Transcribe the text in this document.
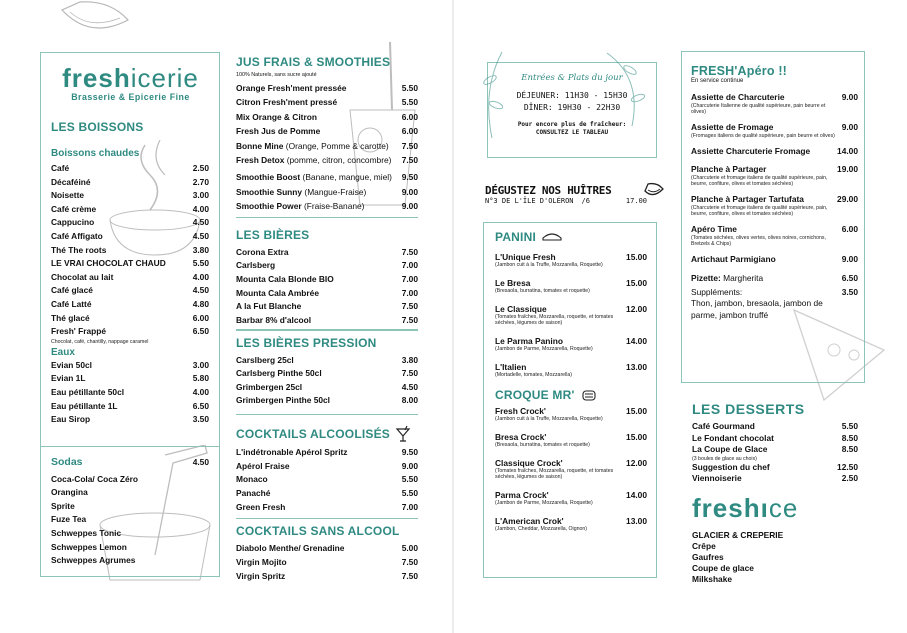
freshicerie
Brasserie & Epicerie Fine
LES BOISSONS
Boissons chaudes
Café	2.50
Décaféiné	2.70
Noisette	3.00
Café crème	4.00
Cappucino	4.50
Café Affigato	4.50
Thé The roots	3.80
LE VRAI CHOCOLAT CHAUD	5.50
Chocolat au lait	4.00
Café glacé	4.50
Café Latté	4.80
Thé glacé	6.00
Fresh' Frappé	6.50
Chocolat, café, chantilly, nappage caramel
Eaux
Evian 50cl	3.00
Evian 1L	5.80
Eau pétillante 50cl	4.00
Eau pétillante 1L	6.50
Eau Sirop	3.50
Sodas	4.50
Coca-Cola/ Coca Zéro
Orangina
Sprite
Fuze Tea
Schweppes Tonic
Schweppes Lemon
Schweppes Agrumes
JUS FRAIS & SMOOTHIES
100% Naturels, sans sucre ajouté
Orange Fresh'ment pressée	5.50
Citron Fresh'ment pressé	5.50
Mix Orange & Citron	6.00
Fresh Jus de Pomme	6.00
Bonne Mine (Orange, Pomme & carotte) 7.50
Fresh Detox (pomme, citron, concombre) 7.50
Smoothie Boost (Banane, mangue, miel) 9.50
Smoothie Sunny (Mangue-Fraise)	9.00
Smoothie Power (Fraise-Banane)	9.00
LES BIÈRES
Corona Extra	7.50
Carlsberg	7.00
Mounta Cala Blonde BIO	7.00
Mounta Cala Ambrée	7.00
A la Fut Blanche	7.50
Barbar 8% d'alcool	7.50
LES BIÈRES PRESSION
Carslberg 25cl	3.80
Carlsberg Pinthe 50cl	7.50
Grimbergen 25cl	4.50
Grimbergen Pinthe 50cl	8.00
COCKTAILS ALCOOLISÉS
L'indétronable Apérol Spritz	9.50
Apérol Fraise	9.00
Monaco	5.50
Panaché	5.50
Green Fresh	7.00
COCKTAILS SANS ALCOOL
Diabolo Menthe/ Grenadine	5.00
Virgin Mojito	7.50
Virgin Spritz	7.50
Entrées & Plats du jour
DÉJEUNER: 11H30 - 15H30
DÎNER: 19H30 - 22H30
Pour encore plus de fraîcheur:
CONSULTEZ LE TABLEAU
DÉGUSTEZ NOS HUÎTRES
N°3 DE L'ÎLE D'OLÉRON /6	17.00
PANINI
L'Unique Fresh	15.00
(Jambon cuit à la Truffe, Mozzarella, Roquette)
Le Bresa	15.00
(Bresaola, burratina, tomates et roquette)
Le Classique	12.00
(Tomates fraîches, Mozzarella, roquette, et tomates séchées, légumes de saison)
Le Parma Panino	14.00
(Jambon de Parme, Mozzarella, Roquette)
L'Italien	13.00
(Mortadelle, tomates, Mozzarella)
CROQUE MR'
Fresh Crock'	15.00
(Jambon cuit à la Truffe, Mozzarella, Roquette)
Bresa Crock'	15.00
(Bresaola, burratina, tomates et roquette)
Classique Crock'	12.00
(Tomates fraîches, Mozzarella, roquette, et tomates séchées, légumes de saison)
Parma Crock'	14.00
(Jambon de Parme, Mozzarella, Roquette)
L'American Crok'	13.00
(Jambon, Cheddar, Mozzarella, Oignon)
FRESH'Apéro !!
En service continue
Assiette de Charcuterie	9.00
(Charcuterie Italienne de qualité supérieure, pain beurre et olives)
Assiette de Fromage	9.00
(Fromages italiens de qualité supérieure, pain beurre et olives)
Assiette Charcuterie Fromage	14.00
Planche à Partager	19.00
(Charcuterie et fromage italiens de qualité supérieure, pain, beurre, confiture, olives et tomates séchées)
Planche à Partager Tartufata	29.00
(Charcuterie et fromage italiens de qualité supérieure, pain, beurre, confiture, olives et tomates séchées)
Apéro Time	6.00
(Tomates séchées, olives vertes, olives noires, cornichons, Bretzels & Chips)
Artichaut Parmigiano	9.00
Pizette: Margherita	6.50
Suppléments:	3.50
Thon, jambon, bresaola, jambon de parme, jambon truffé
LES DESSERTS
Café Gourmand	5.50
Le Fondant chocolat	8.50
La Coupe de Glace	8.50
(3 boules de glace au choix)
Suggestion du chef	12.50
Viennoiserie	2.50
freshıce
GLACIER & CREPERIE
Crêpe
Gaufres
Coupe de glace
Milkshake
